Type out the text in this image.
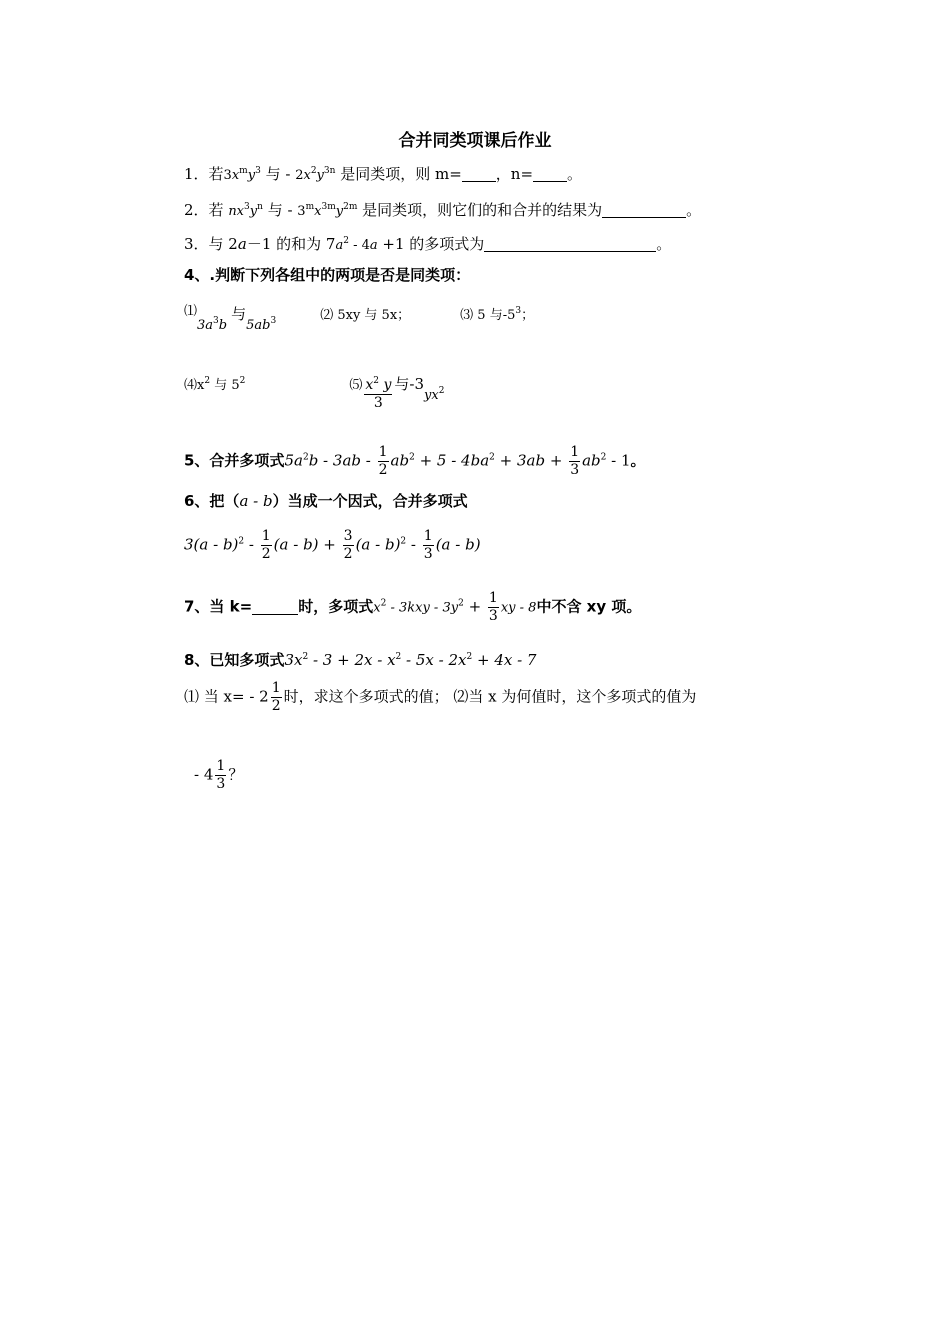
合并同类项课后作业
1．若$3x^my^3$ 与 - $2x^2y^{3n}$ 是同类项，则 m= ，n= 。
2．若 $nx^3y^n$ 与 - $3^mx^{3m}y^{2m}$ 是同类项，则它们的和合并的结果为	。
3．与 2a－1 的和为 $7a^2 - 4a +1$ 的多项式为	。
4、.判断下列各组中的两项是否是同类项：
$⑴3a^3b$与$5ab^3$	⑵ 5xy 与 5x；	⑶ 5 与$-5^3$；
$⑷x^2$ 与 $5^2$	⑸ $\frac{x^2 y}{3}$ 与$-3yx^2$
5、合并多项式$5a^2b - 3ab - \frac{1}{2} ab^2 + 5 - 4ba^2 + 3ab + \frac{1}{3} ab^2 - 1$。
6、把（a - b）当成一个因式，合并多项式
$3(a - b)^2 - \frac{1}{2} (a - b) + \frac{3}{2} (a - b)^2 - \frac{1}{3} (a - b)$
7、当 k=	时，多项式$x^2 - 3kxy - 3y^2 + \frac{1}{3}$ xy - 8中不含 xy 项。
8、已知多项式$3x^2 - 3 + 2x - x^2 - 5x - 2x^2 + 4x - 7$
⑴ 当 $x= - 2 \frac{1}{2}$ 时，求这个多项式的值； ⑵当 x 为何值时，这个多项式的值为
- $4 \frac{1}{3}$ ？
